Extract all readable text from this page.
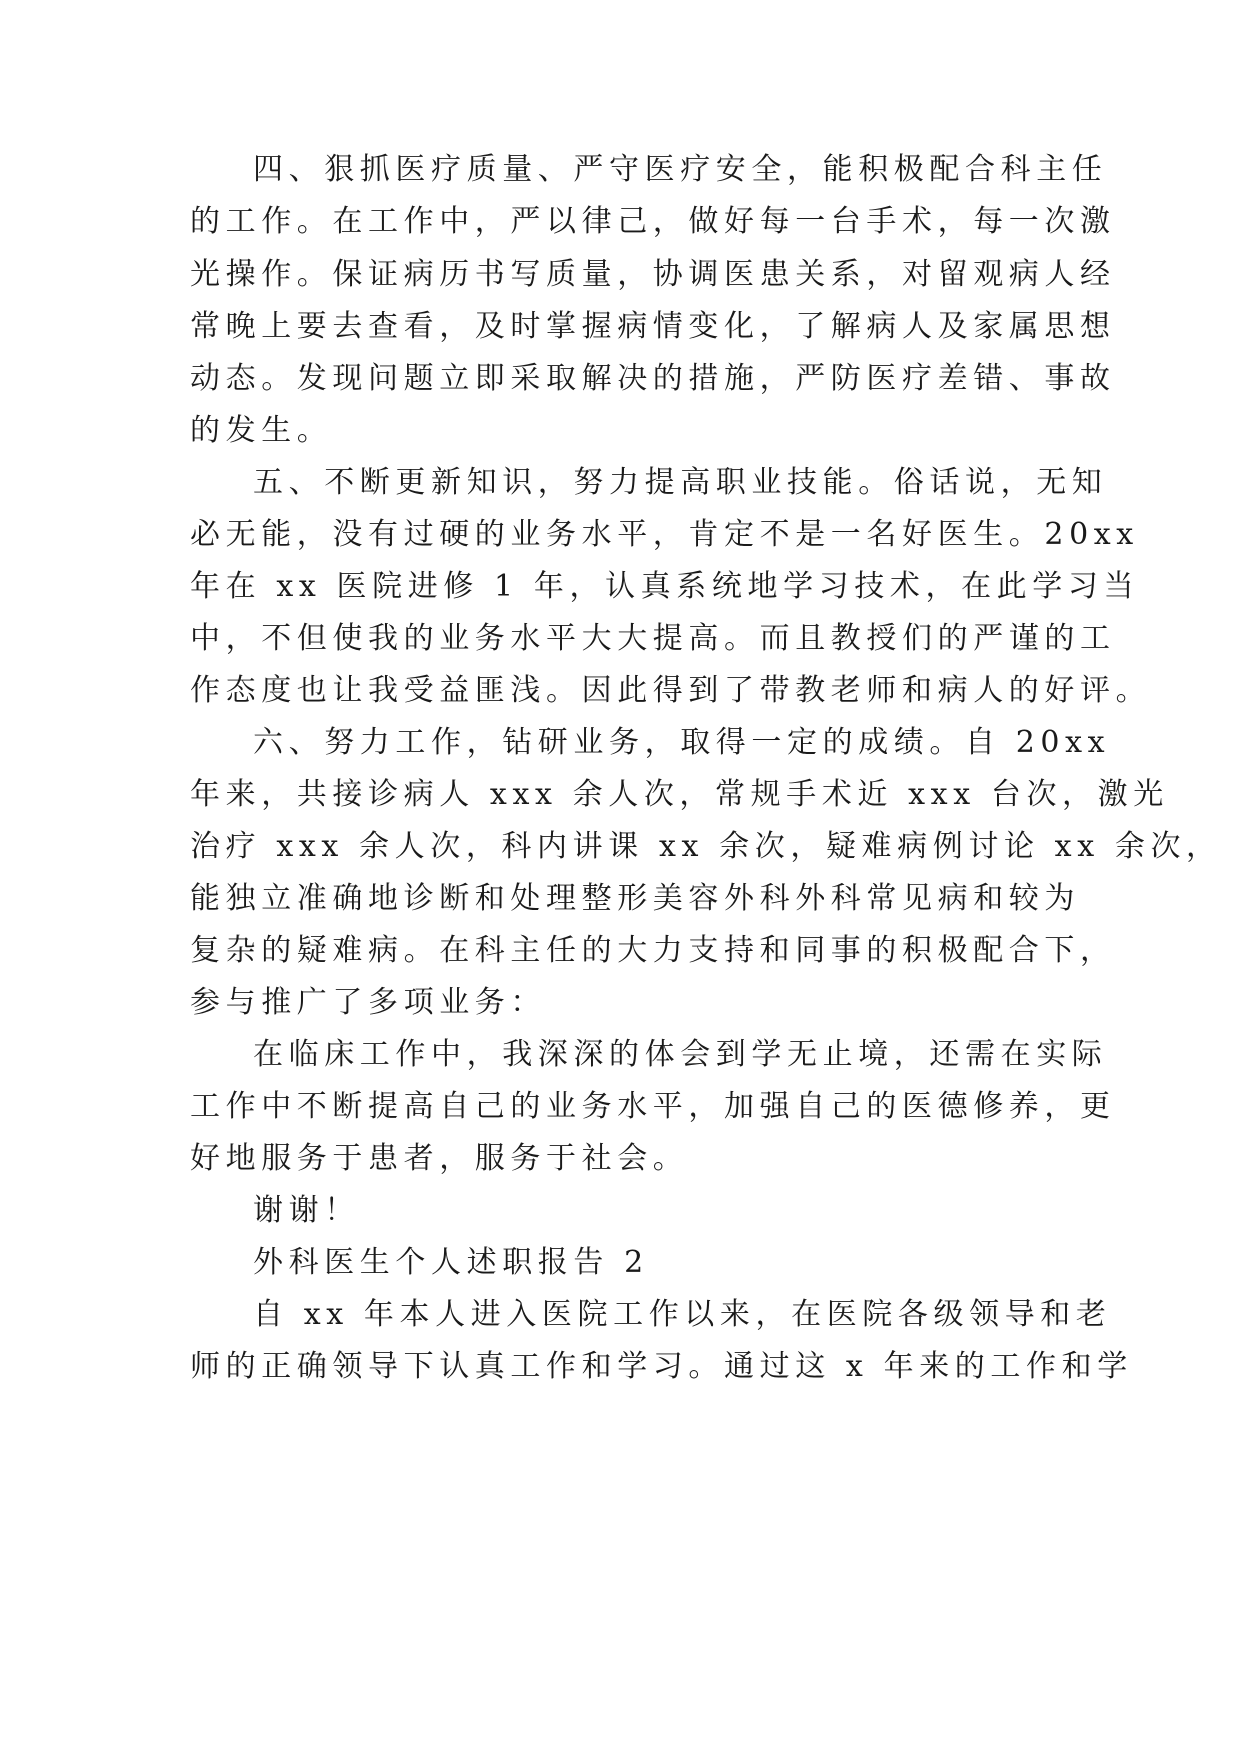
四、狠抓医疗质量、严守医疗安全，能积极配合科主任
的工作。在工作中，严以律己，做好每一台手术，每一次激
光操作。保证病历书写质量，协调医患关系，对留观病人经
常晚上要去查看，及时掌握病情变化，了解病人及家属思想
动态。发现问题立即采取解决的措施，严防医疗差错、事故
的发生。
五、不断更新知识，努力提高职业技能。俗话说，无知
必无能，没有过硬的业务水平，肯定不是一名好医生。20xx
年在 xx 医院进修 1 年，认真系统地学习技术，在此学习当
中，不但使我的业务水平大大提高。而且教授们的严谨的工
作态度也让我受益匪浅。因此得到了带教老师和病人的好评。
六、努力工作，钻研业务，取得一定的成绩。自 20xx
年来，共接诊病人 xxx 余人次，常规手术近 xxx 台次，激光
治疗 xxx 余人次，科内讲课 xx 余次，疑难病例讨论 xx 余次，
能独立准确地诊断和处理整形美容外科外科常见病和较为
复杂的疑难病。在科主任的大力支持和同事的积极配合下，
参与推广了多项业务：
在临床工作中，我深深的体会到学无止境，还需在实际
工作中不断提高自己的业务水平，加强自己的医德修养，更
好地服务于患者，服务于社会。
谢谢！
外科医生个人述职报告 2
自 xx 年本人进入医院工作以来，在医院各级领导和老
师的正确领导下认真工作和学习。通过这 x 年来的工作和学
